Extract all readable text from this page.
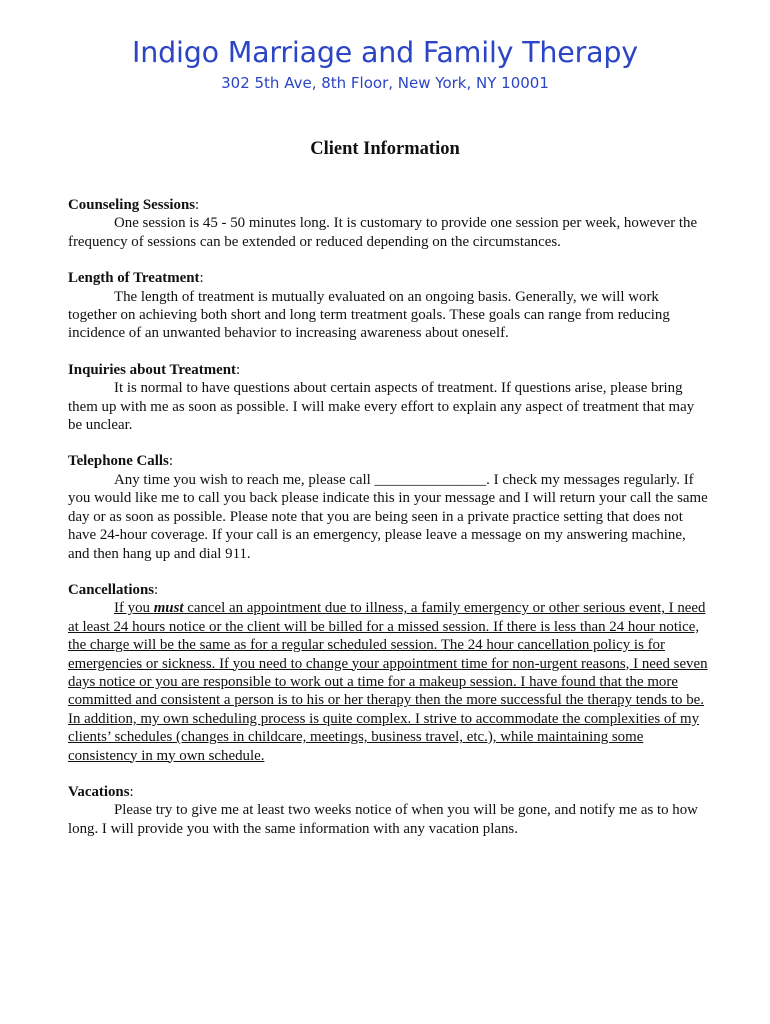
Indigo Marriage and Family Therapy
302 5th Ave, 8th Floor, New York, NY 10001
Client Information
Counseling Sessions:

One session is 45 - 50 minutes long. It is customary to provide one session per week, however the frequency of sessions can be extended or reduced depending on the circumstances.

Length of Treatment:

The length of treatment is mutually evaluated on an ongoing basis. Generally, we will work together on achieving both short and long term treatment goals. These goals can range from reducing incidence of an unwanted behavior to increasing awareness about oneself.

Inquiries about Treatment:

It is normal to have questions about certain aspects of treatment. If questions arise, please bring them up with me as soon as possible. I will make every effort to explain any aspect of treatment that may be unclear.

Telephone Calls:

Any time you wish to reach me, please call _______________. I check my messages regularly. If you would like me to call you back please indicate this in your message and I will return your call the same day or as soon as possible. Please note that you are being seen in a private practice setting that does not have 24-hour coverage. If your call is an emergency, please leave a message on my answering machine, and then hang up and dial 911.

Cancellations:

If you must cancel an appointment due to illness, a family emergency or other serious event, I need at least 24 hours notice or the client will be billed for a missed session. If there is less than 24 hour notice, the charge will be the same as for a regular scheduled session. The 24 hour cancellation policy is for emergencies or sickness. If you need to change your appointment time for non-urgent reasons, I need seven days notice or you are responsible to work out a time for a makeup session. I have found that the more committed and consistent a person is to his or her therapy then the more successful the therapy tends to be. In addition, my own scheduling process is quite complex. I strive to accommodate the complexities of my clients’ schedules (changes in childcare, meetings, business travel, etc.), while maintaining some consistency in my own schedule.

Vacations:

Please try to give me at least two weeks notice of when you will be gone, and notify me as to how long. I will provide you with the same information with any vacation plans.
